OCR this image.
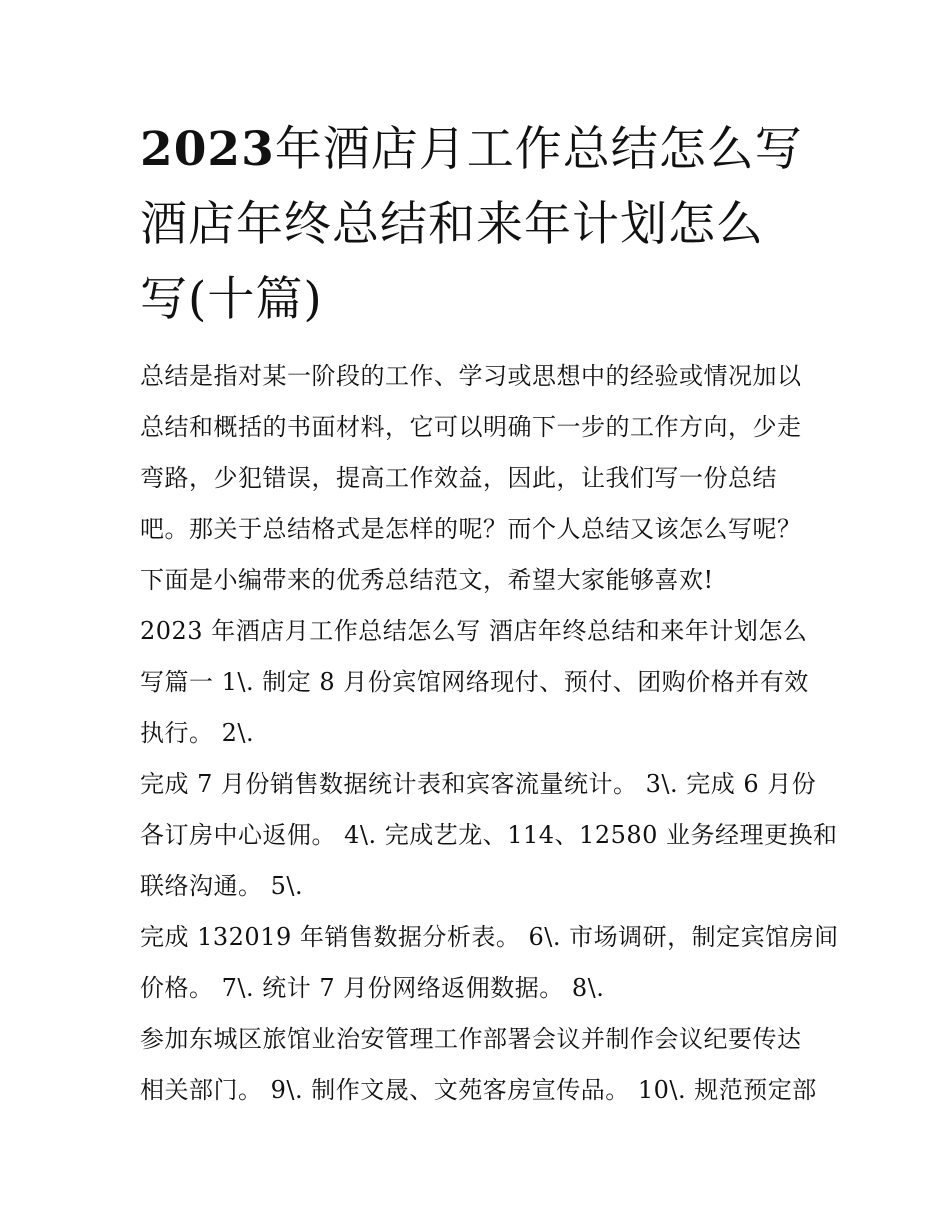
2023年酒店月工作总结怎么写
酒店年终总结和来年计划怎么
写(十篇)

总结是指对某一阶段的工作、学习或思想中的经验或情况加以
总结和概括的书面材料，它可以明确下一步的工作方向，少走
弯路，少犯错误，提高工作效益，因此，让我们写一份总结
吧。那关于总结格式是怎样的呢？而个人总结又该怎么写呢？
下面是小编带来的优秀总结范文，希望大家能够喜欢!

2023 年酒店月工作总结怎么写 酒店年终总结和来年计划怎么
写篇一 1\. 制定 8 月份宾馆网络现付、预付、团购价格并有效
执行。 2\.

完成 7 月份销售数据统计表和宾客流量统计。 3\. 完成 6 月份
各订房中心返佣。 4\. 完成艺龙、114、12580 业务经理更换和
联络沟通。 5\.

完成 132019 年销售数据分析表。 6\. 市场调研，制定宾馆房间
价格。 7\. 统计 7 月份网络返佣数据。 8\.

参加东城区旅馆业治安管理工作部署会议并制作会议纪要传达
相关部门。 9\. 制作文晟、文苑客房宣传品。 10\. 规范预定部
